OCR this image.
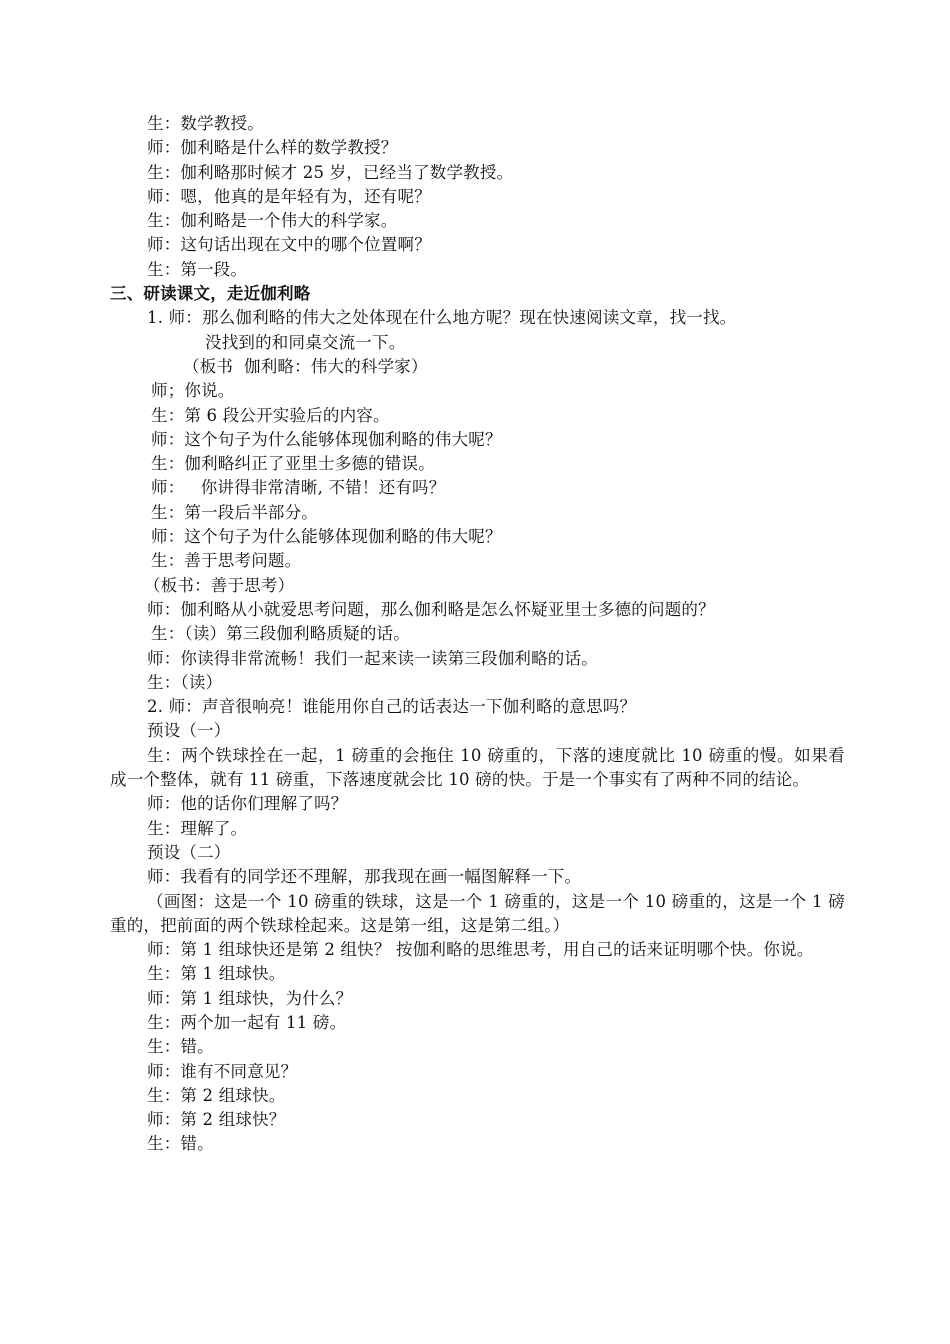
生：数学教授。
师：伽利略是什么样的数学教授？
生：伽利略那时候才 25 岁，已经当了数学教授。
师：嗯，他真的是年轻有为，还有呢？
生：伽利略是一个伟大的科学家。
师：这句话出现在文中的哪个位置啊？
生：第一段。
三、研读课文，走近伽利略
1. 师：那么伽利略的伟大之处体现在什么地方呢？现在快速阅读文章，找一找。
没找到的和同桌交流一下。
（板书  伽利略：伟大的科学家）
师；你说。
生：第 6 段公开实验后的内容。
师：这个句子为什么能够体现伽利略的伟大呢？
生：伽利略纠正了亚里士多德的错误。
师：   你讲得非常清晰, 不错！还有吗？
生：第一段后半部分。
师：这个句子为什么能够体现伽利略的伟大呢？
生：善于思考问题。
（板书：善于思考）
师：伽利略从小就爱思考问题，那么伽利略是怎么怀疑亚里士多德的问题的？
生：（读）第三段伽利略质疑的话。
师：你读得非常流畅！我们一起来读一读第三段伽利略的话。
生：（读）
2. 师：声音很响亮！谁能用你自己的话表达一下伽利略的意思吗？
预设（一）
生：两个铁球拴在一起，1 磅重的会拖住 10 磅重的，下落的速度就比 10 磅重的慢。如果看成一个整体，就有 11 磅重，下落速度就会比 10 磅的快。于是一个事实有了两种不同的结论。
师：他的话你们理解了吗？
生：理解了。
预设（二）
师：我看有的同学还不理解，那我现在画一幅图解释一下。
（画图：这是一个 10 磅重的铁球，这是一个 1 磅重的，这是一个 10 磅重的，这是一个 1 磅重的，把前面的两个铁球栓起来。这是第一组，这是第二组。）
师：第 1 组球快还是第 2 组快？ 按伽利略的思维思考，用自己的话来证明哪个快。你说。
生：第 1 组球快。
师：第 1 组球快，为什么？
生：两个加一起有 11 磅。
生：错。
师：谁有不同意见？
生：第 2 组球快。
师：第 2 组球快？
生：错。
